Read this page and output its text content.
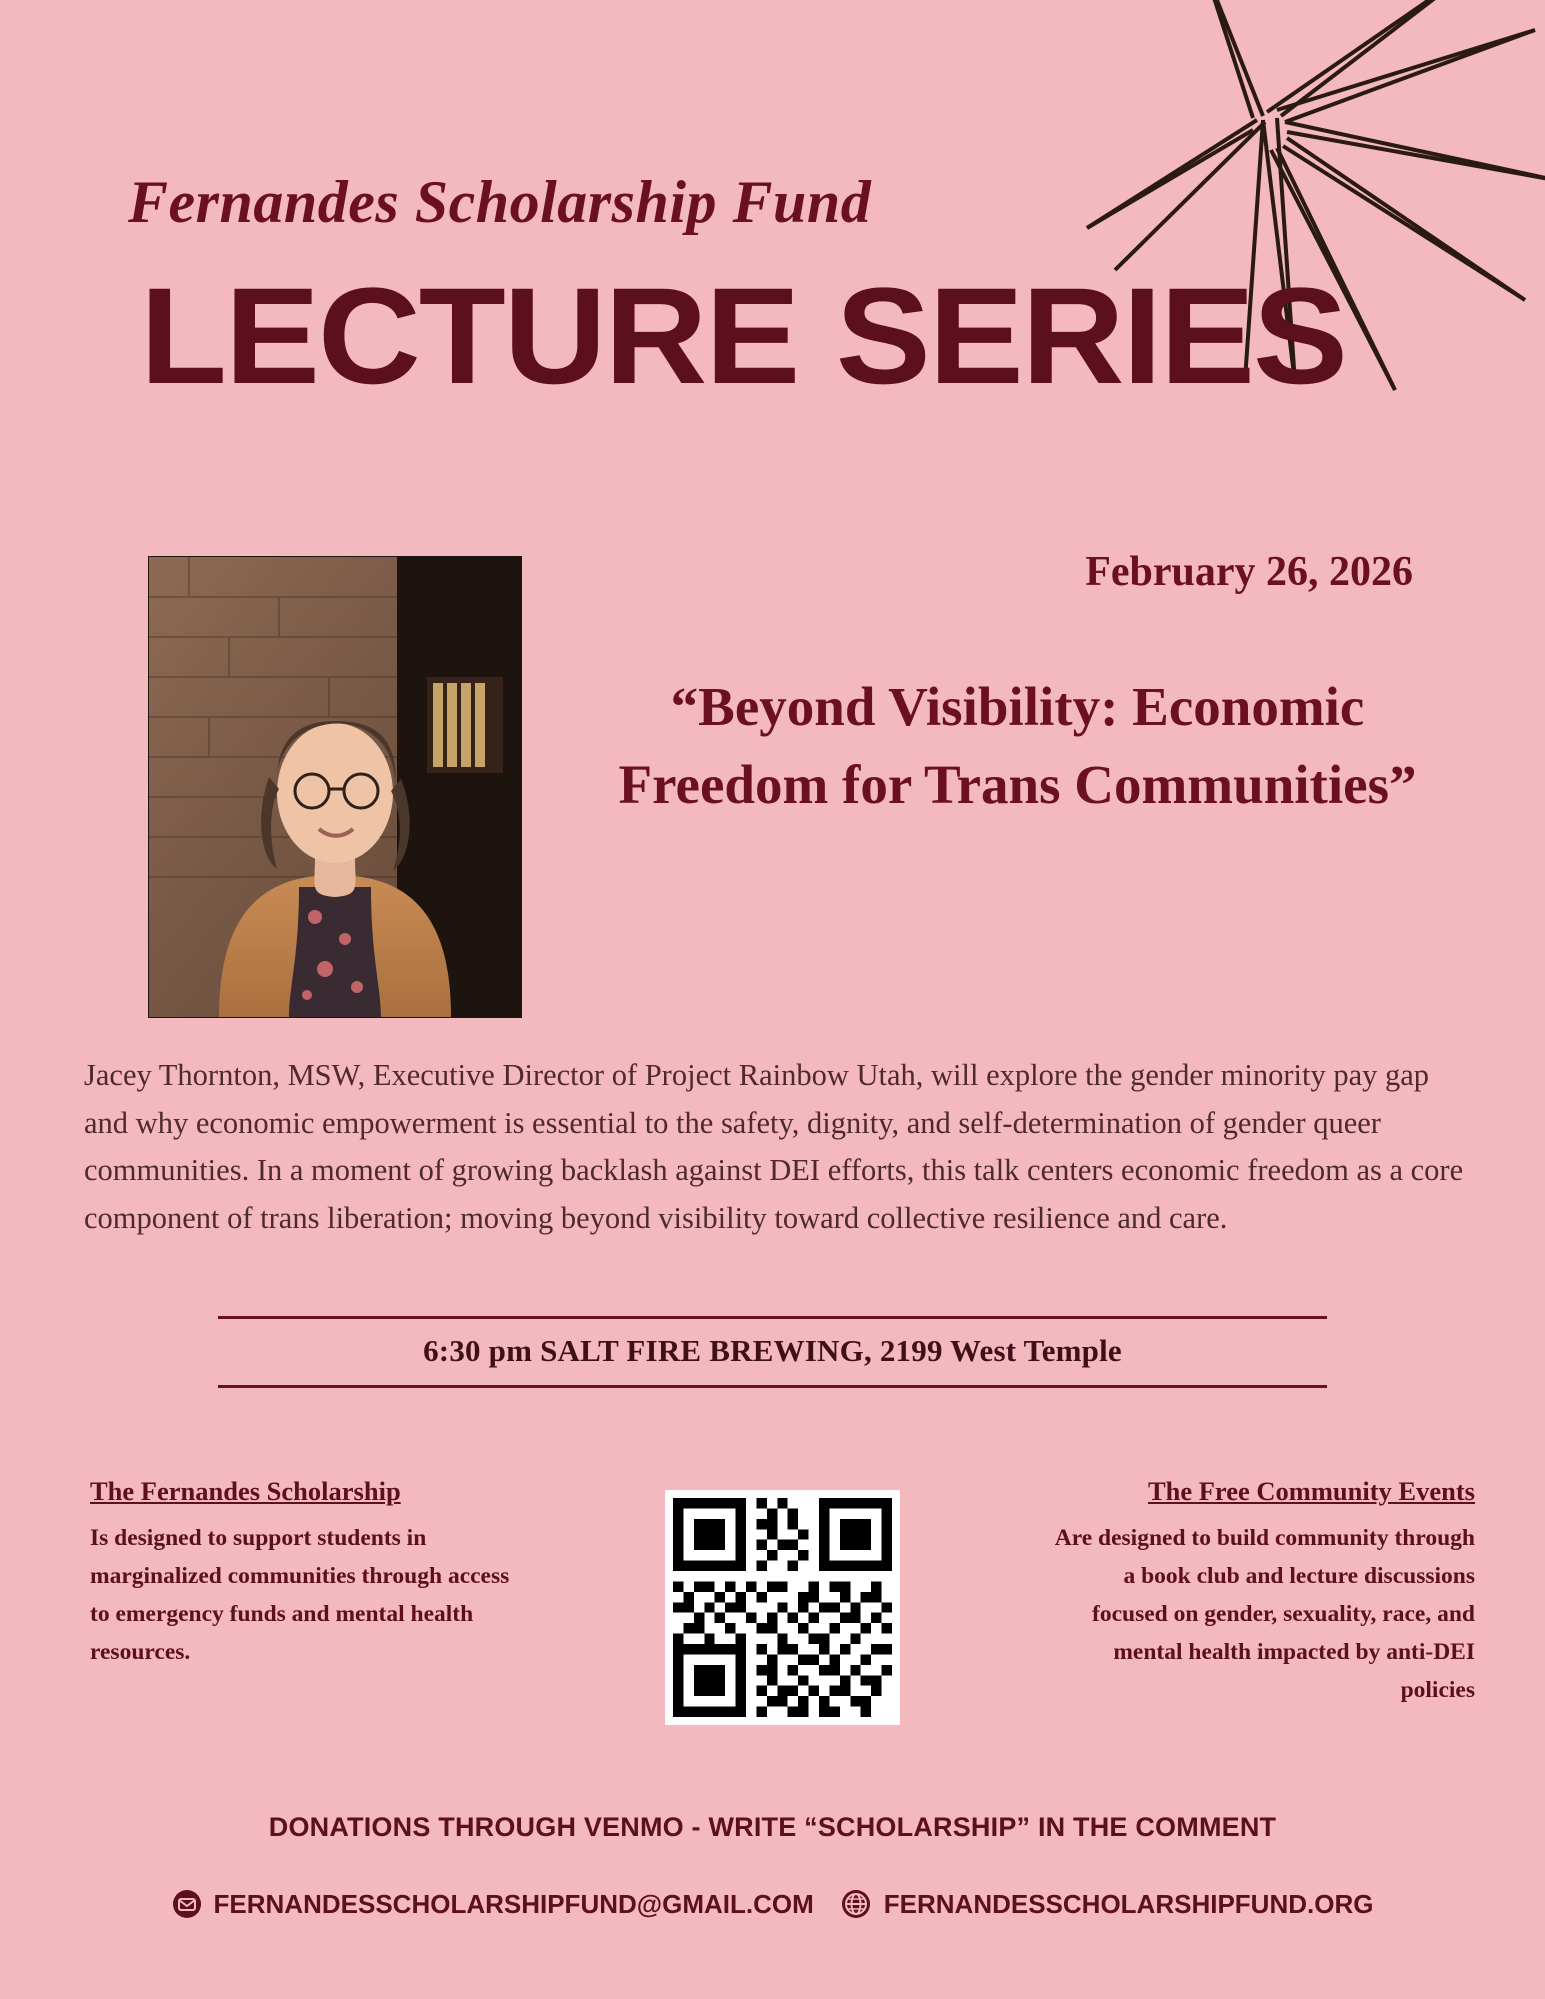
Fernandes Scholarship Fund
LECTURE SERIES
February 26, 2026
“Beyond Visibility: Economic Freedom for Trans Communities”
Jacey Thornton, MSW, Executive Director of Project Rainbow Utah, will explore the gender minority pay gap and why economic empowerment is essential to the safety, dignity, and self-determination of gender queer communities. In a moment of growing backlash against DEI efforts, this talk centers economic freedom as a core component of trans liberation; moving beyond visibility toward collective resilience and care.
6:30 pm SALT FIRE BREWING, 2199 West Temple
The Fernandes Scholarship
Is designed to support students in marginalized communities through access to emergency funds and mental health resources.
The Free Community Events
Are designed to build community through a book club and lecture discussions focused on gender, sexuality, race, and mental health impacted by anti-DEI policies
DONATIONS THROUGH VENMO - WRITE “SCHOLARSHIP” IN THE COMMENT
FERNANDESSCHOLARSHIPFUND@GMAIL.COM	FERNANDESSCHOLARSHIPFUND.ORG
